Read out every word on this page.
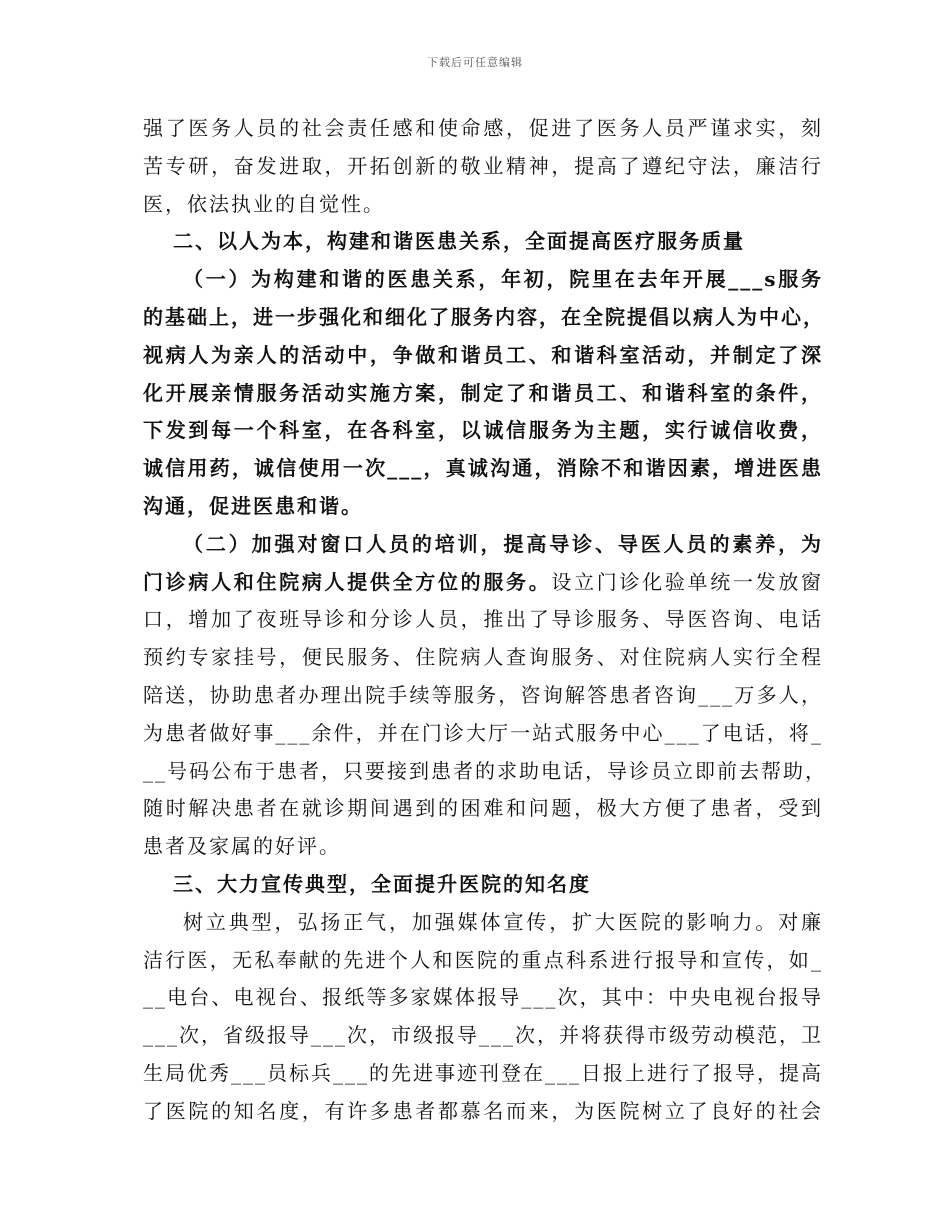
下载后可任意编辑
强了医务人员的社会责任感和使命感，促进了医务人员严谨求实，刻
苦专研，奋发进取，开拓创新的敬业精神，提高了遵纪守法，廉洁行
医，依法执业的自觉性。
二、以人为本，构建和谐医患关系，全面提高医疗服务质量
（一）为构建和谐的医患关系，年初，院里在去年开展___s服务
的基础上，进一步强化和细化了服务内容，在全院提倡以病人为中心，
视病人为亲人的活动中，争做和谐员工、和谐科室活动，并制定了深
化开展亲情服务活动实施方案，制定了和谐员工、和谐科室的条件，
下发到每一个科室，在各科室，以诚信服务为主题，实行诚信收费，
诚信用药，诚信使用一次___，真诚沟通，消除不和谐因素，增进医患
沟通，促进医患和谐。
（二）加强对窗口人员的培训，提高导诊、导医人员的素养，为
门诊病人和住院病人提供全方位的服务。设立门诊化验单统一发放窗
口，增加了夜班导诊和分诊人员，推出了导诊服务、导医咨询、电话
预约专家挂号，便民服务、住院病人查询服务、对住院病人实行全程
陪送，协助患者办理出院手续等服务，咨询解答患者咨询___万多人，
为患者做好事___余件，并在门诊大厅一站式服务中心___了电话，将_
__号码公布于患者，只要接到患者的求助电话，导诊员立即前去帮助，
随时解决患者在就诊期间遇到的困难和问题，极大方便了患者，受到
患者及家属的好评。
三、大力宣传典型，全面提升医院的知名度
树立典型，弘扬正气，加强媒体宣传，扩大医院的影响力。对廉
洁行医，无私奉献的先进个人和医院的重点科系进行报导和宣传，如_
__电台、电视台、报纸等多家媒体报导___次，其中：中央电视台报导
___次，省级报导___次，市级报导___次，并将获得市级劳动模范，卫
生局优秀___员标兵___的先进事迹刊登在___日报上进行了报导，提高
了医院的知名度，有许多患者都慕名而来，为医院树立了良好的社会
